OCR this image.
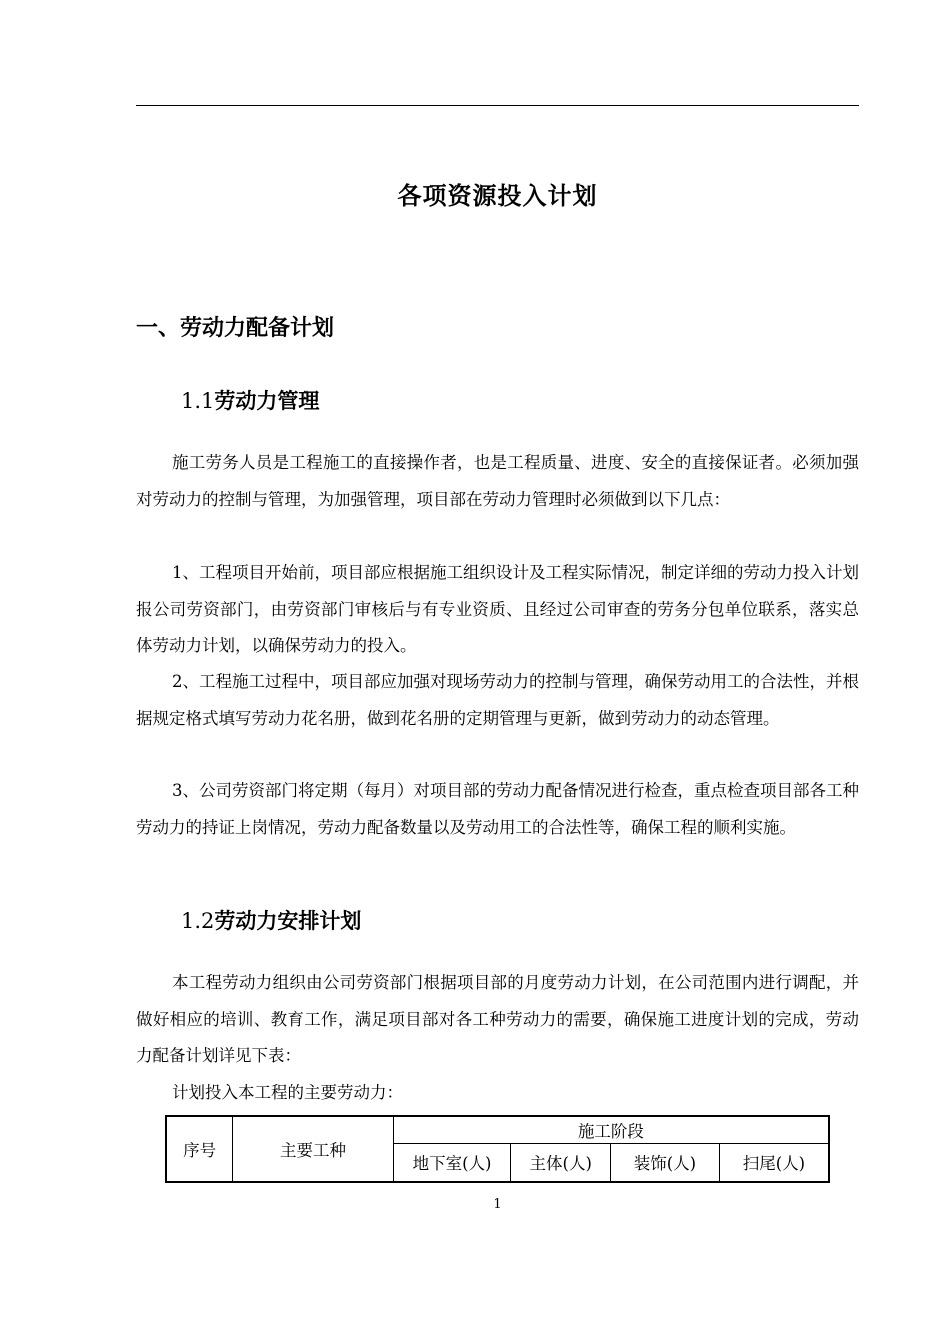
各项资源投入计划
一、劳动力配备计划
1.1劳动力管理

施工劳务人员是工程施工的直接操作者，也是工程质量、进度、安全的直接保证者。必须加强对劳动力的控制与管理，为加强管理，项目部在劳动力管理时必须做到以下几点：

1、工程项目开始前，项目部应根据施工组织设计及工程实际情况，制定详细的劳动力投入计划报公司劳资部门，由劳资部门审核后与有专业资质、且经过公司审查的劳务分包单位联系，落实总体劳动力计划，以确保劳动力的投入。

2、工程施工过程中，项目部应加强对现场劳动力的控制与管理，确保劳动用工的合法性，并根据规定格式填写劳动力花名册，做到花名册的定期管理与更新，做到劳动力的动态管理。

3、公司劳资部门将定期（每月）对项目部的劳动力配备情况进行检查，重点检查项目部各工种劳动力的持证上岗情况，劳动力配备数量以及劳动用工的合法性等，确保工程的顺利实施。

1.2劳动力安排计划

本工程劳动力组织由公司劳资部门根据项目部的月度劳动力计划，在公司范围内进行调配，并做好相应的培训、教育工作，满足项目部对各工种劳动力的需要，确保施工进度计划的完成，劳动力配备计划详见下表：

计划投入本工程的主要劳动力：

序号	主要工种	施工阶段			
		地下室(人)	主体(人)	装饰(人)	扫尾(人)

1
